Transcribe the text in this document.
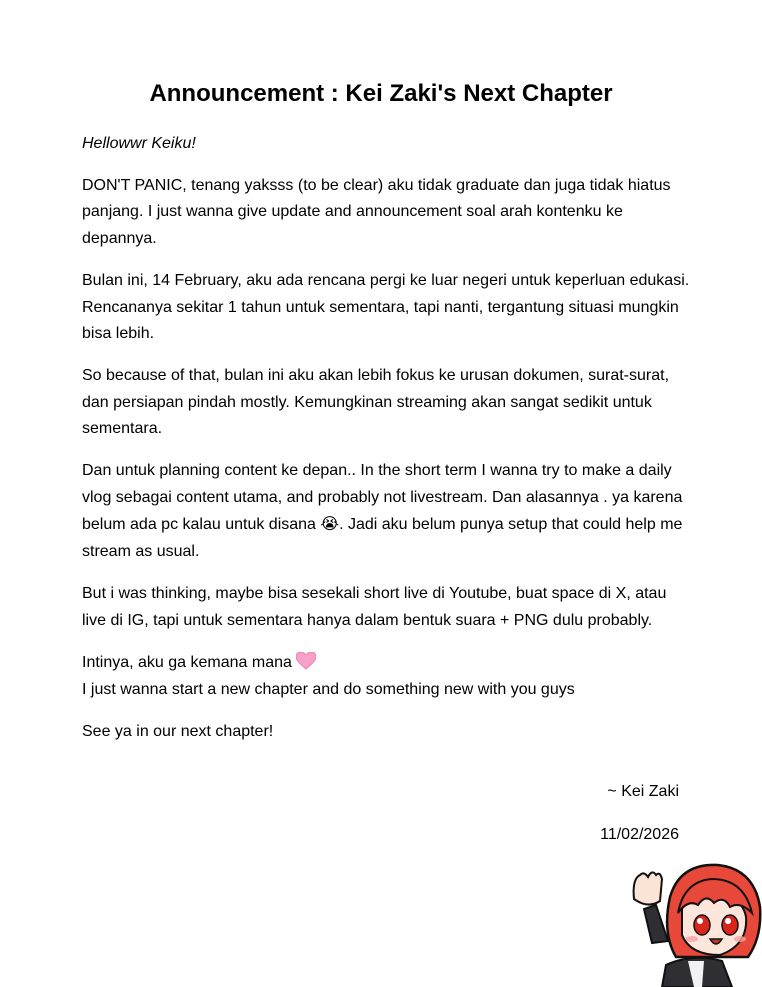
Announcement : Kei Zaki's Next Chapter

Hellowwr Keiku!

DON'T PANIC, tenang yaksss (to be clear) aku tidak graduate dan juga tidak hiatus panjang. I just wanna give update and announcement soal arah kontenku ke depannya.

Bulan ini, 14 February, aku ada rencana pergi ke luar negeri untuk keperluan edukasi. Rencananya sekitar 1 tahun untuk sementara, tapi nanti, tergantung situasi mungkin bisa lebih.

So because of that, bulan ini aku akan lebih fokus ke urusan dokumen, surat-surat, dan persiapan pindah mostly. Kemungkinan streaming akan sangat sedikit untuk sementara.

Dan untuk planning content ke depan.. In the short term I wanna try to make a daily vlog sebagai content utama, and probably not livestream. Dan alasannya . ya karena belum ada pc kalau untuk disana 😭. Jadi aku belum punya setup that could help me stream as usual.

But i was thinking, maybe bisa sesekali short live di Youtube, buat space di X, atau live di IG, tapi untuk sementara hanya dalam bentuk suara + PNG dulu probably.

Intinya, aku ga kemana mana
I just wanna start a new chapter and do something new with you guys

See ya in our next chapter!

~ Kei Zaki
11/02/2026
